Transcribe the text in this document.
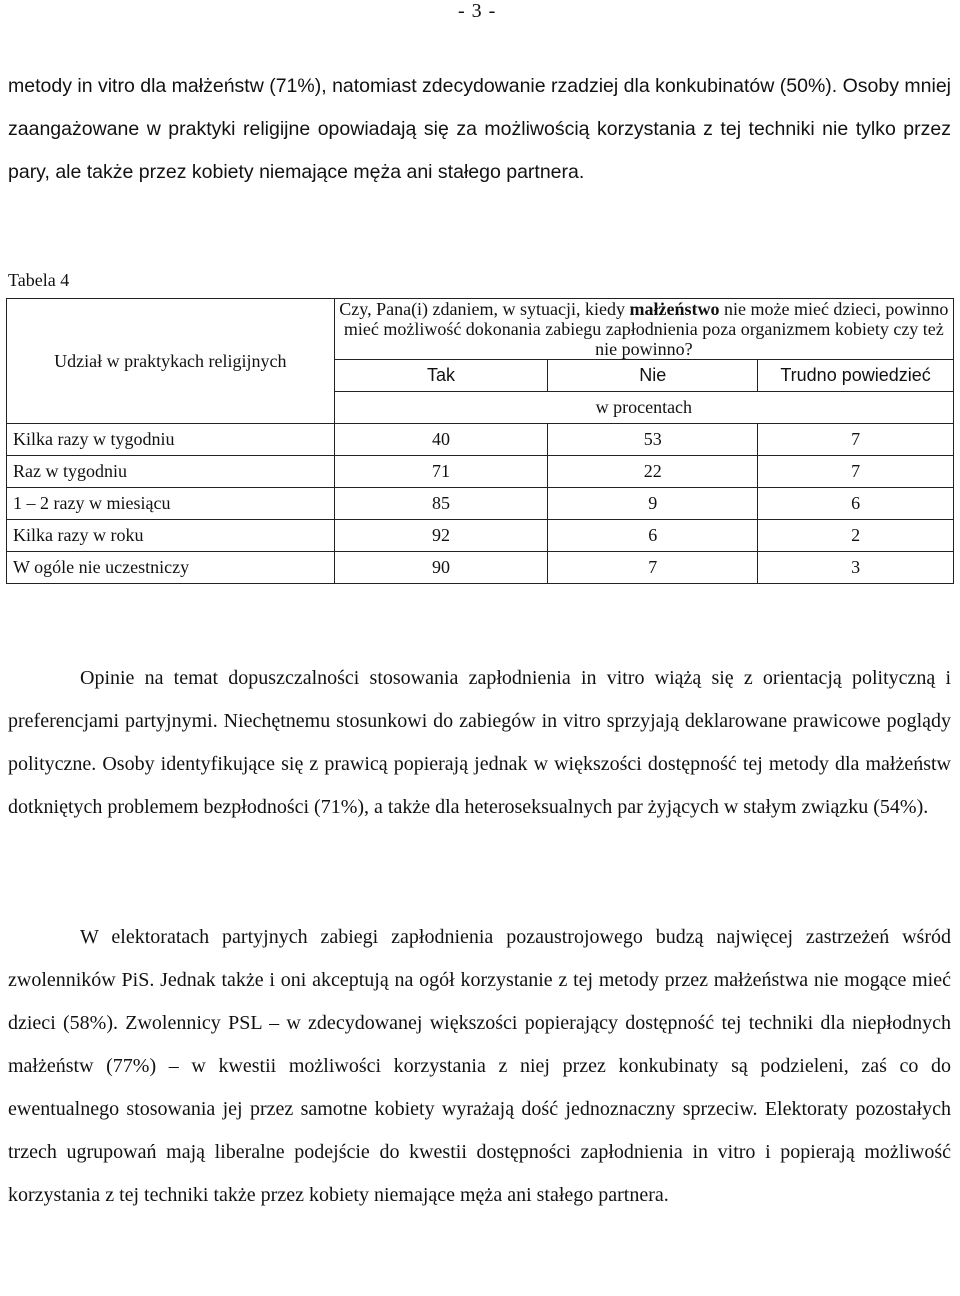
- 3 -

metody in vitro dla małżeństw (71%), natomiast zdecydowanie rzadziej dla konkubinatów (50%). Osoby mniej zaangażowane w praktyki religijne opowiadają się za możliwością korzystania z tej techniki nie tylko przez pary, ale także przez kobiety niemające męża ani stałego partnera.

Tabela 4
Udział w praktykach religijnych	Czy, Pana(i) zdaniem, w sytuacji, kiedy małżeństwo nie może mieć dzieci, powinno mieć możliwość dokonania zabiegu zapłodnienia poza organizmem kobiety czy też nie powinno?		

	Tak	Nie	Trudno powiedzieć
	w procentach		
Kilka razy w tygodniu	40	53	7
Raz w tygodniu	71	22	7
1 – 2 razy w miesiącu	85	9	6
Kilka razy w roku	92	6	2
W ogóle nie uczestniczy	90	7	3

Opinie na temat dopuszczalności stosowania zapłodnienia in vitro wiążą się z orientacją polityczną i preferencjami partyjnymi. Niechętnemu stosunkowi do zabiegów in vitro sprzyjają deklarowane prawicowe poglądy polityczne. Osoby identyfikujące się z prawicą popierają jednak w większości dostępność tej metody dla małżeństw dotkniętych problemem bezpłodności (71%), a także dla heteroseksualnych par żyjących w stałym związku (54%).

W elektoratach partyjnych zabiegi zapłodnienia pozaustrojowego budzą najwięcej zastrzeżeń wśród zwolenników PiS. Jednak także i oni akceptują na ogół korzystanie z tej metody przez małżeństwa nie mogące mieć dzieci (58%). Zwolennicy PSL – w zdecydowanej większości popierający dostępność tej techniki dla niepłodnych małżeństw (77%) – w kwestii możliwości korzystania z niej przez konkubinaty są podzieleni, zaś co do ewentualnego stosowania jej przez samotne kobiety wyrażają dość jednoznaczny sprzeciw. Elektoraty pozostałych trzech ugrupowań mają liberalne podejście do kwestii dostępności zapłodnienia in vitro i popierają możliwość korzystania z tej techniki także przez kobiety niemające męża ani stałego partnera.
